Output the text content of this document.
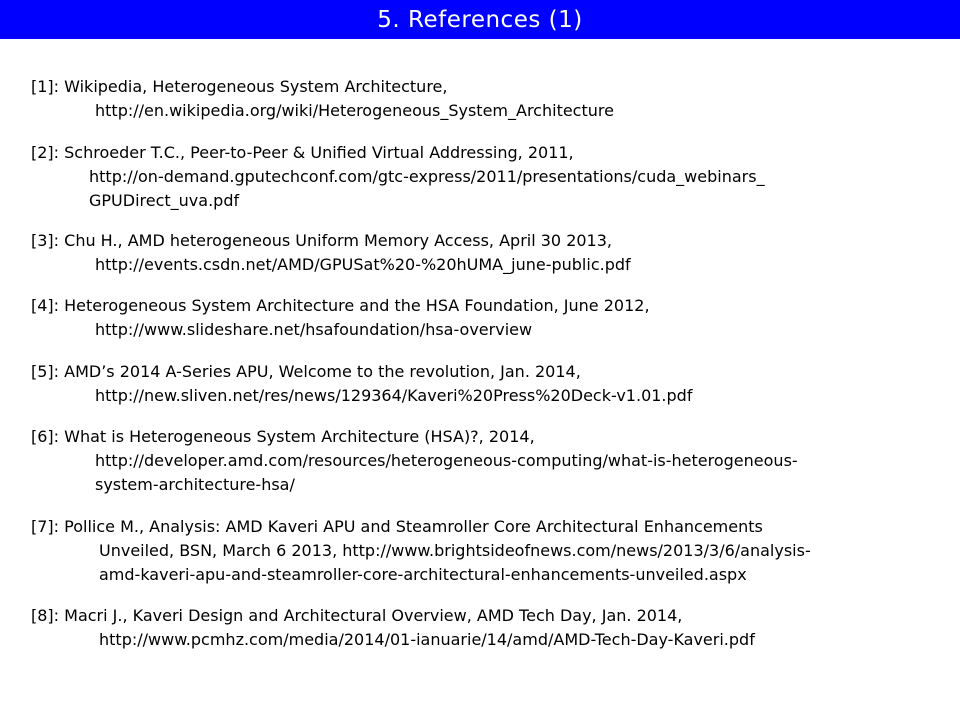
5. References (1)
[1]: Wikipedia, Heterogeneous System Architecture,
http://en.wikipedia.org/wiki/Heterogeneous_System_Architecture
[2]: Schroeder T.C., Peer-to-Peer & Unified Virtual Addressing, 2011,
http://on-demand.gputechconf.com/gtc-express/2011/presentations/cuda_webinars_
GPUDirect_uva.pdf
[3]: Chu H., AMD heterogeneous Uniform Memory Access, April 30 2013,
http://events.csdn.net/AMD/GPUSat%20-%20hUMA_june-public.pdf
[4]: Heterogeneous System Architecture and the HSA Foundation, June 2012,
http://www.slideshare.net/hsafoundation/hsa-overview
[5]: AMD’s 2014 A-Series APU, Welcome to the revolution, Jan. 2014,
http://new.sliven.net/res/news/129364/Kaveri%20Press%20Deck-v1.01.pdf
[6]: What is Heterogeneous System Architecture (HSA)?, 2014,
http://developer.amd.com/resources/heterogeneous-computing/what-is-heterogeneous-
system-architecture-hsa/
[7]: Pollice M., Analysis: AMD Kaveri APU and Steamroller Core Architectural Enhancements
Unveiled, BSN, March 6 2013, http://www.brightsideofnews.com/news/2013/3/6/analysis-
amd-kaveri-apu-and-steamroller-core-architectural-enhancements-unveiled.aspx
[8]: Macri J., Kaveri Design and Architectural Overview, AMD Tech Day, Jan. 2014,
http://www.pcmhz.com/media/2014/01-ianuarie/14/amd/AMD-Tech-Day-Kaveri.pdf
